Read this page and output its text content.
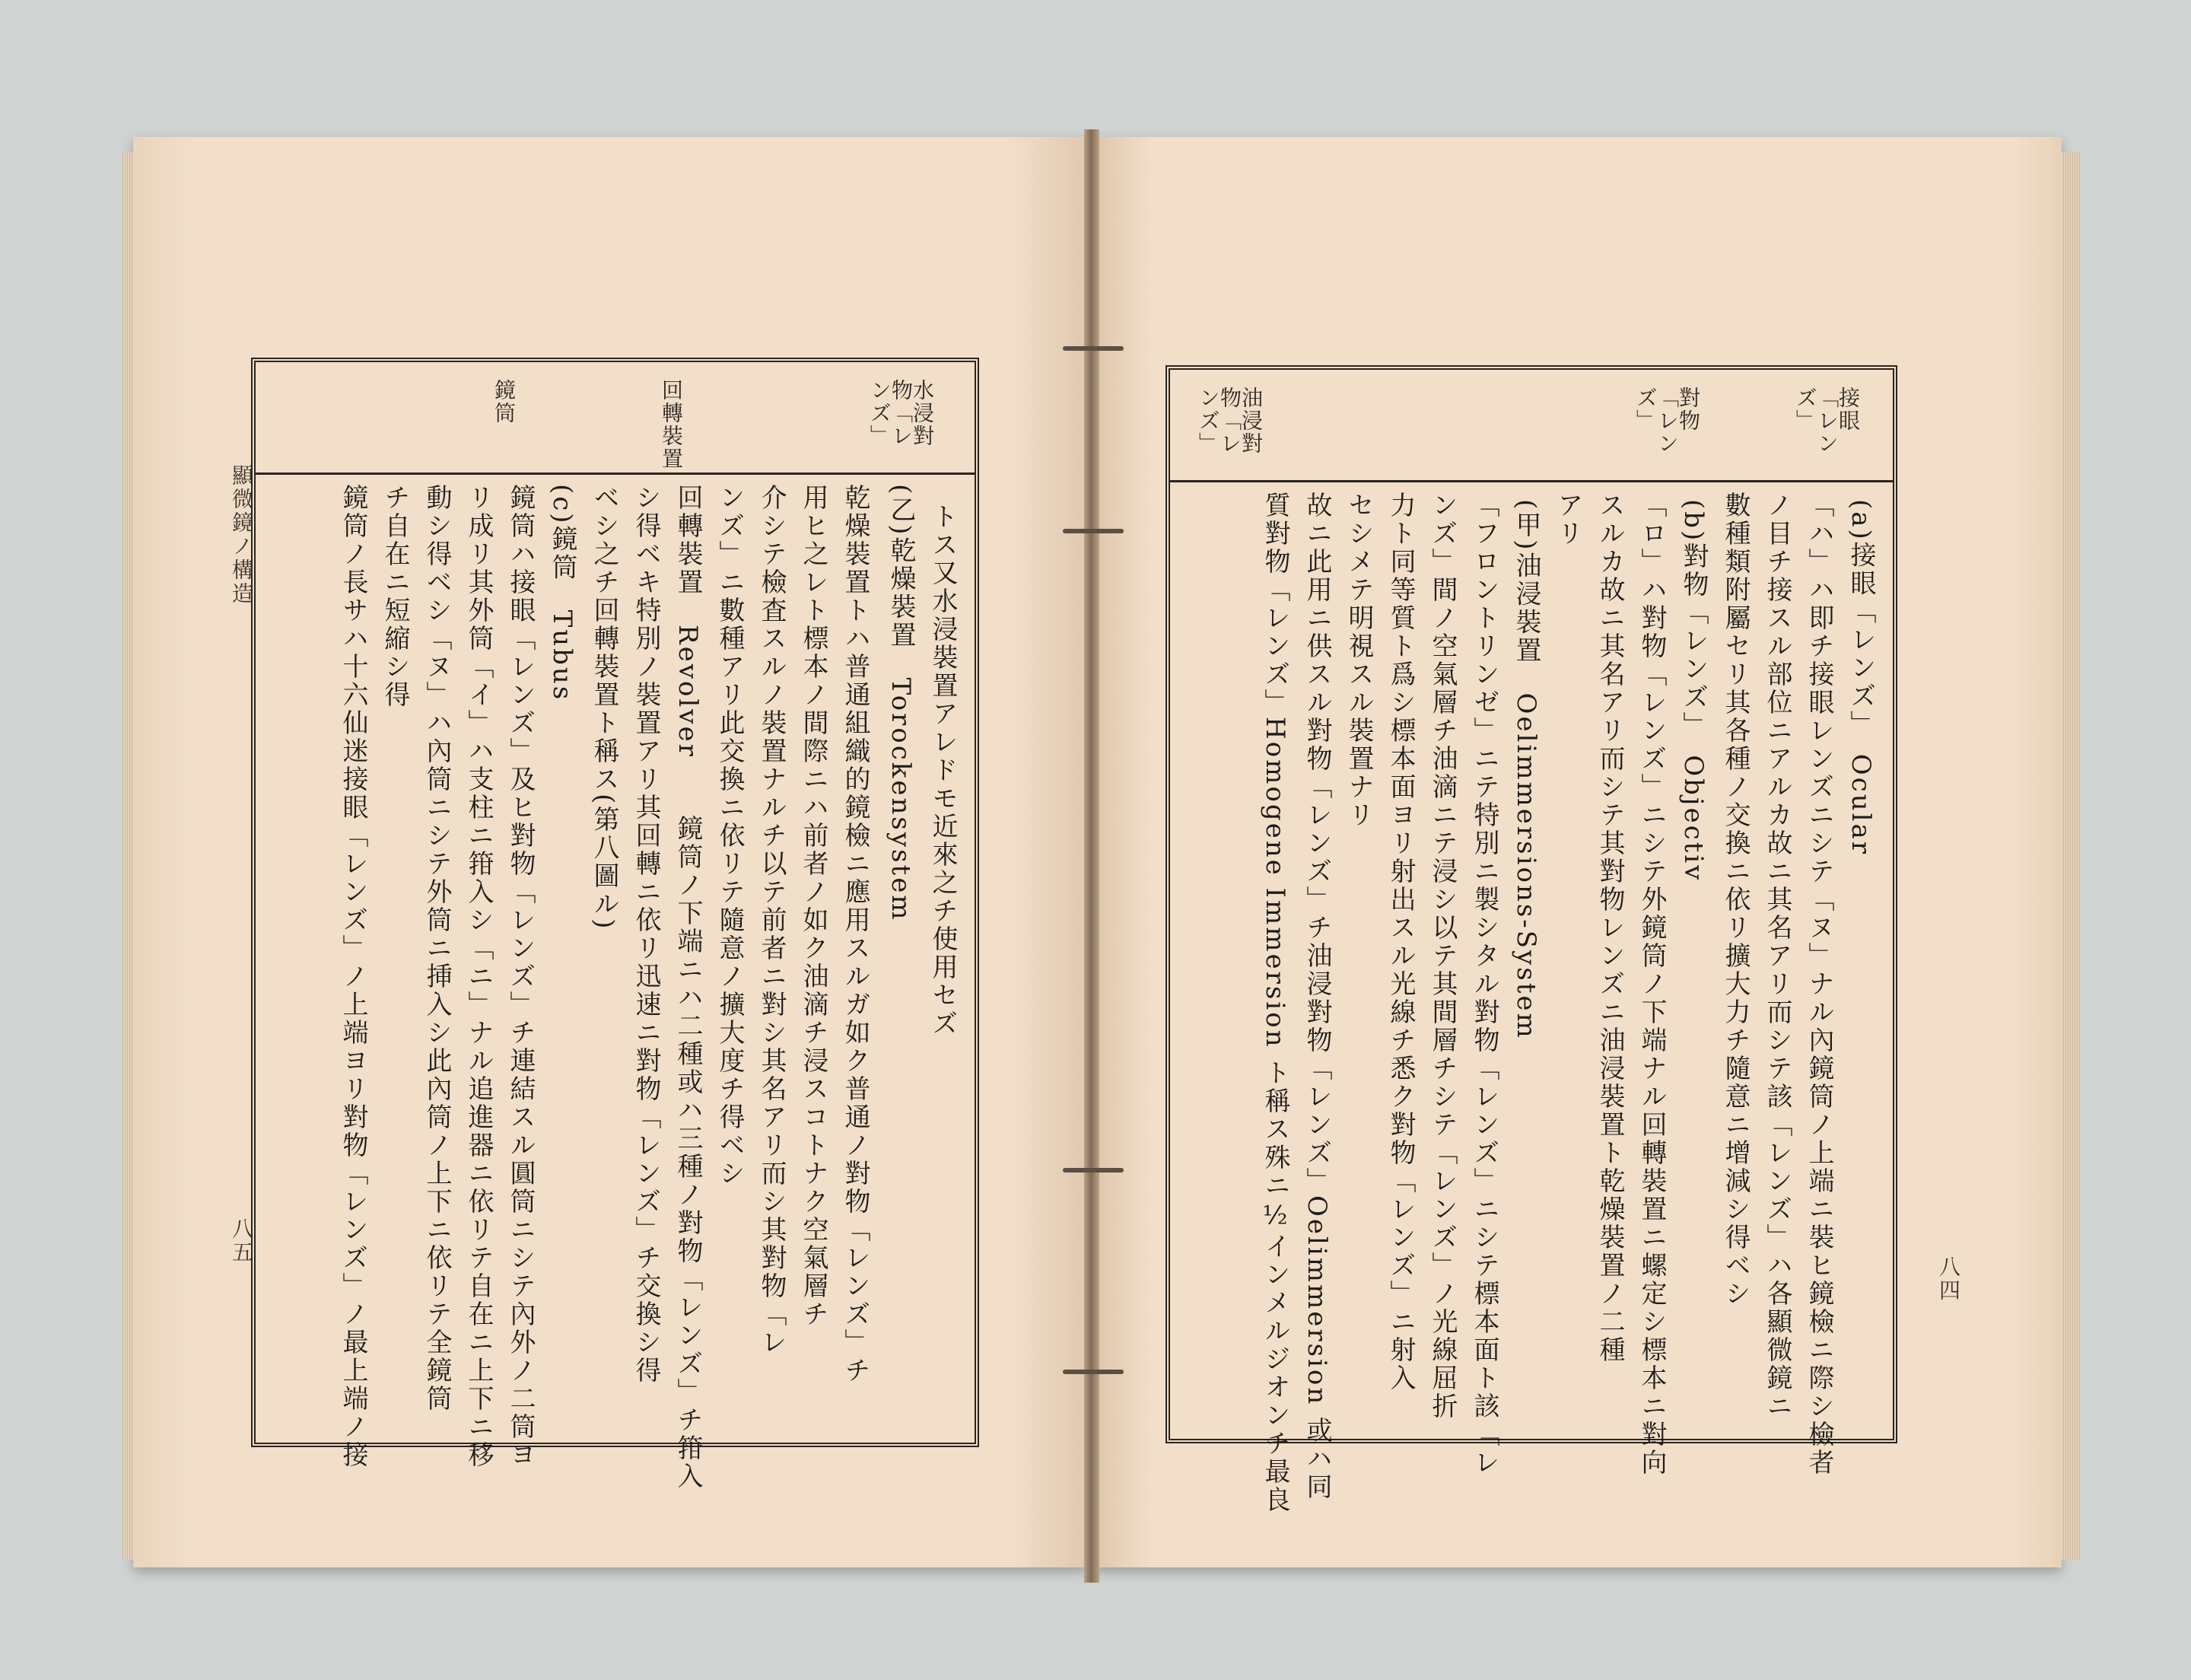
顯微鏡ノ構造
八五
水浸對物「レンズ」
回轉裝置
鏡筒
トス又水浸裝置アレドモ近來之チ使用セズ
(乙)乾燥裝置　Torockensystem
乾燥裝置トハ普通組織的鏡檢ニ應用スルガ如ク普通ノ對物「レンズ」チ
用ヒ之レト標本ノ間際ニハ前者ノ如ク油滴チ浸スコトナク空氣層チ
介シテ檢査スルノ裝置ナルチ以テ前者ニ對シ其名アリ而シ其對物「レ
ンズ」ニ數種アリ此交換ニ依リテ隨意ノ擴大度チ得ベシ
回轉裝置　Revolver　　鏡筒ノ下端ニハ二種或ハ三種ノ對物「レンズ」チ箝入
シ得ベキ特別ノ裝置アリ其回轉ニ依リ迅速ニ對物「レンズ」チ交換シ得
ベシ之チ回轉裝置ト稱ス(第八圖ル)
(c)鏡筒　Tubus
鏡筒ハ接眼「レンズ」及ヒ對物「レンズ」チ連結スル圓筒ニシテ內外ノ二筒ヨ
リ成リ其外筒「イ」ハ支柱ニ箝入シ「ニ」ナル追進器ニ依リテ自在ニ上下ニ移
動シ得ベシ「ヌ」ハ內筒ニシテ外筒ニ挿入シ此內筒ノ上下ニ依リテ全鏡筒
チ自在ニ短縮シ得
鏡筒ノ長サハ十六仙迷接眼「レンズ」ノ上端ヨリ對物「レンズ」ノ最上端ノ接	八四
接眼「レンズ」
對物「レンズ」
油浸對物「レンズ」
(a)接眼「レンズ」　Ocular
「ハ」ハ即チ接眼レンズニシテ「ヌ」ナル內鏡筒ノ上端ニ裝ヒ鏡檢ニ際シ檢者
ノ目チ接スル部位ニアルカ故ニ其名アリ而シテ該「レンズ」ハ各顯微鏡ニ
數種類附屬セリ其各種ノ交換ニ依リ擴大力チ隨意ニ增減シ得ベシ
(b)對物「レンズ」　Objectiv
「ロ」ハ對物「レンズ」ニシテ外鏡筒ノ下端ナル回轉裝置ニ螺定シ標本ニ對向
スルカ故ニ其名アリ而シテ其對物レンズニ油浸裝置ト乾燥裝置ノ二種
アリ
(甲)油浸裝置　Oelimmersions-System
「フロントリンゼ」ニテ特別ニ製シタル對物「レンズ」ニシテ標本面ト該「レ
ンズ」間ノ空氣層チ油滴ニテ浸シ以テ其間層チシテ「レンズ」ノ光線屈折
力ト同等質ト爲シ標本面ヨリ射出スル光線チ悉ク對物「レンズ」ニ射入
セシメテ明視スル裝置ナリ
故ニ此用ニ供スル對物「レンズ」チ油浸對物「レンズ」Oelimmersion 或ハ同
質對物「レンズ」Homogene Immersion ト稱ス殊ニ½インメルジオンチ最良
